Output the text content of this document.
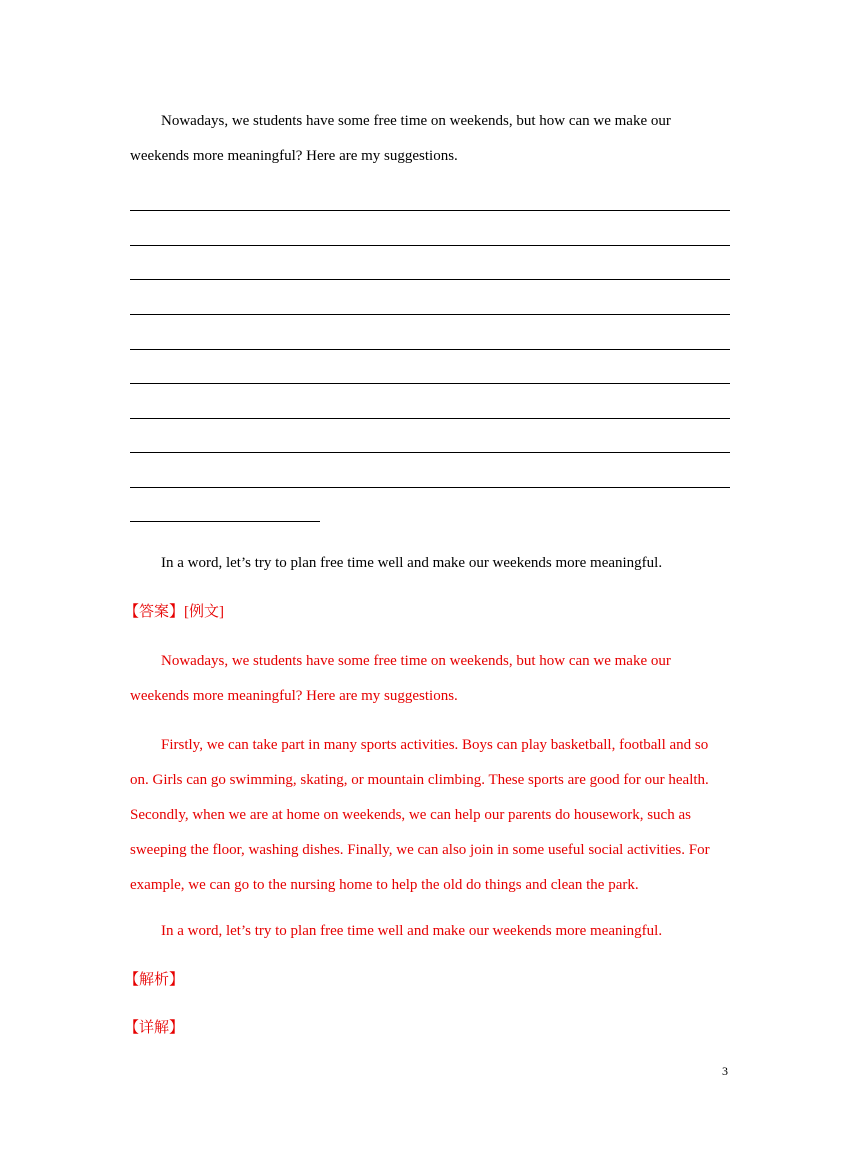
Nowadays, we students have some free time on weekends, but how can we make our
weekends more meaningful? Here are my suggestions.

In a word, let’s try to plan free time well and make our weekends more meaningful.

【答案】[例文]

Nowadays, we students have some free time on weekends, but how can we make our
weekends more meaningful? Here are my suggestions.

Firstly, we can take part in many sports activities. Boys can play basketball, football and so
on. Girls can go swimming, skating, or mountain climbing. These sports are good for our health.
Secondly, when we are at home on weekends, we can help our parents do housework, such as
sweeping the floor, washing dishes. Finally, we can also join in some useful social activities. For
example, we can go to the nursing home to help the old do things and clean the park.

In a word, let’s try to plan free time well and make our weekends more meaningful.

【解析】

【详解】

3
